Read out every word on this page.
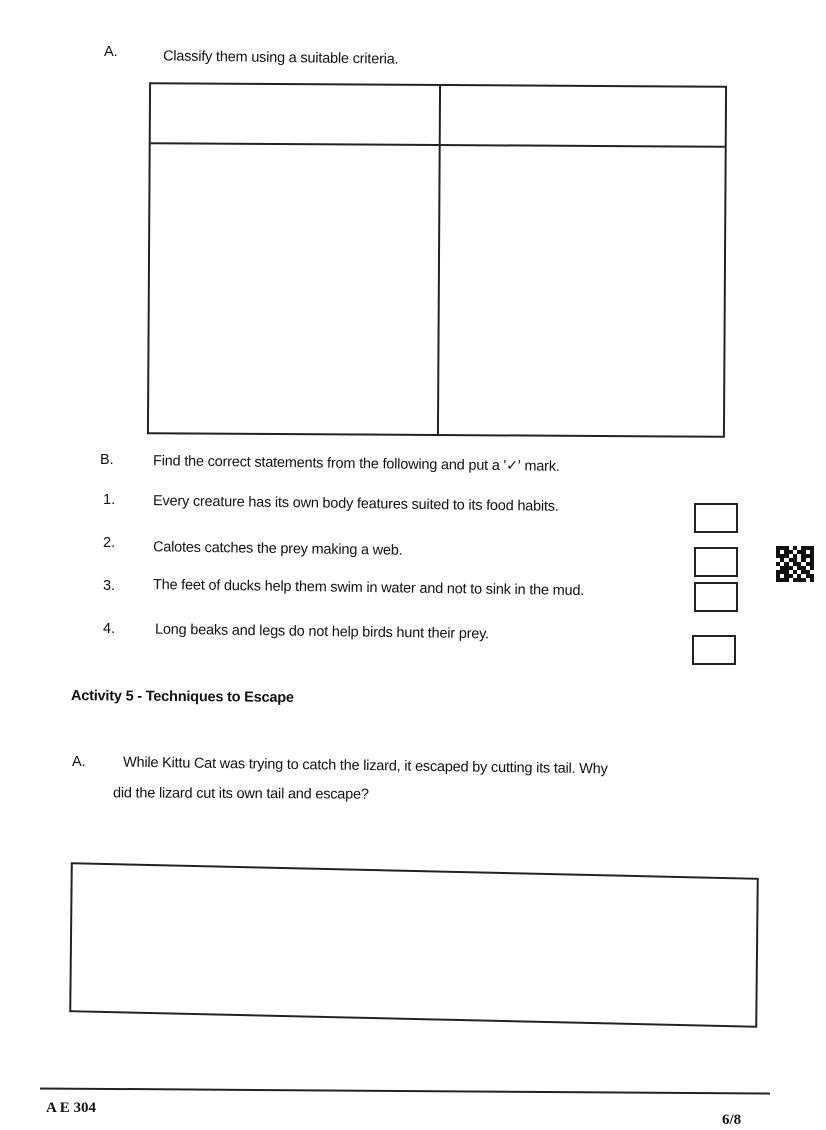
A.	Classify them using a suitable criteria.
B.	Find the correct statements from the following and put a '✓' mark.
1.	Every creature has its own body features suited to its food habits.
2.	Calotes catches the prey making a web.
3.	The feet of ducks help them swim in water and not to sink in the mud.
4.	Long beaks and legs do not help birds hunt their prey.
Activity 5 - Techniques to Escape
A.	While Kittu Cat was trying to catch the lizard, it escaped by cutting its tail. Why
did the lizard cut its own tail and escape?
A E 304
6/8
